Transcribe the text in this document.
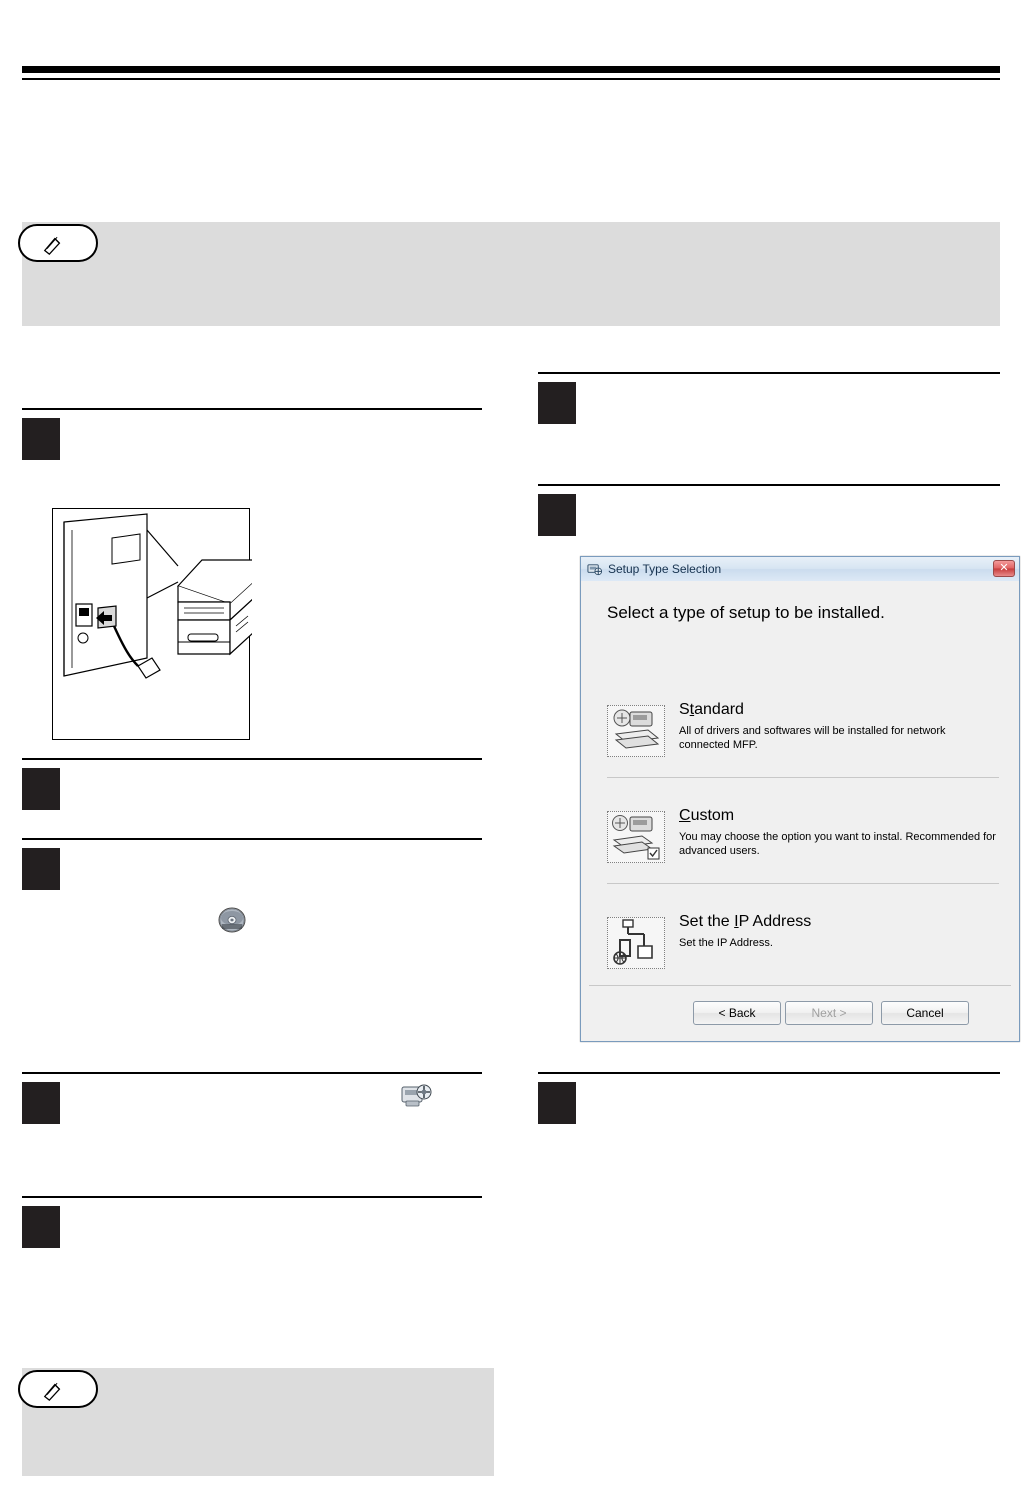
Setup Type Selection	✕
Select a type of setup to be installed.
Standard
All of drivers and softwares will be installed for network connected MFP.
Custom
You may choose the option you want to instal. Recommended for advanced users.
Set the IP Address
Set the IP Address.
< Back	Next >	Cancel
